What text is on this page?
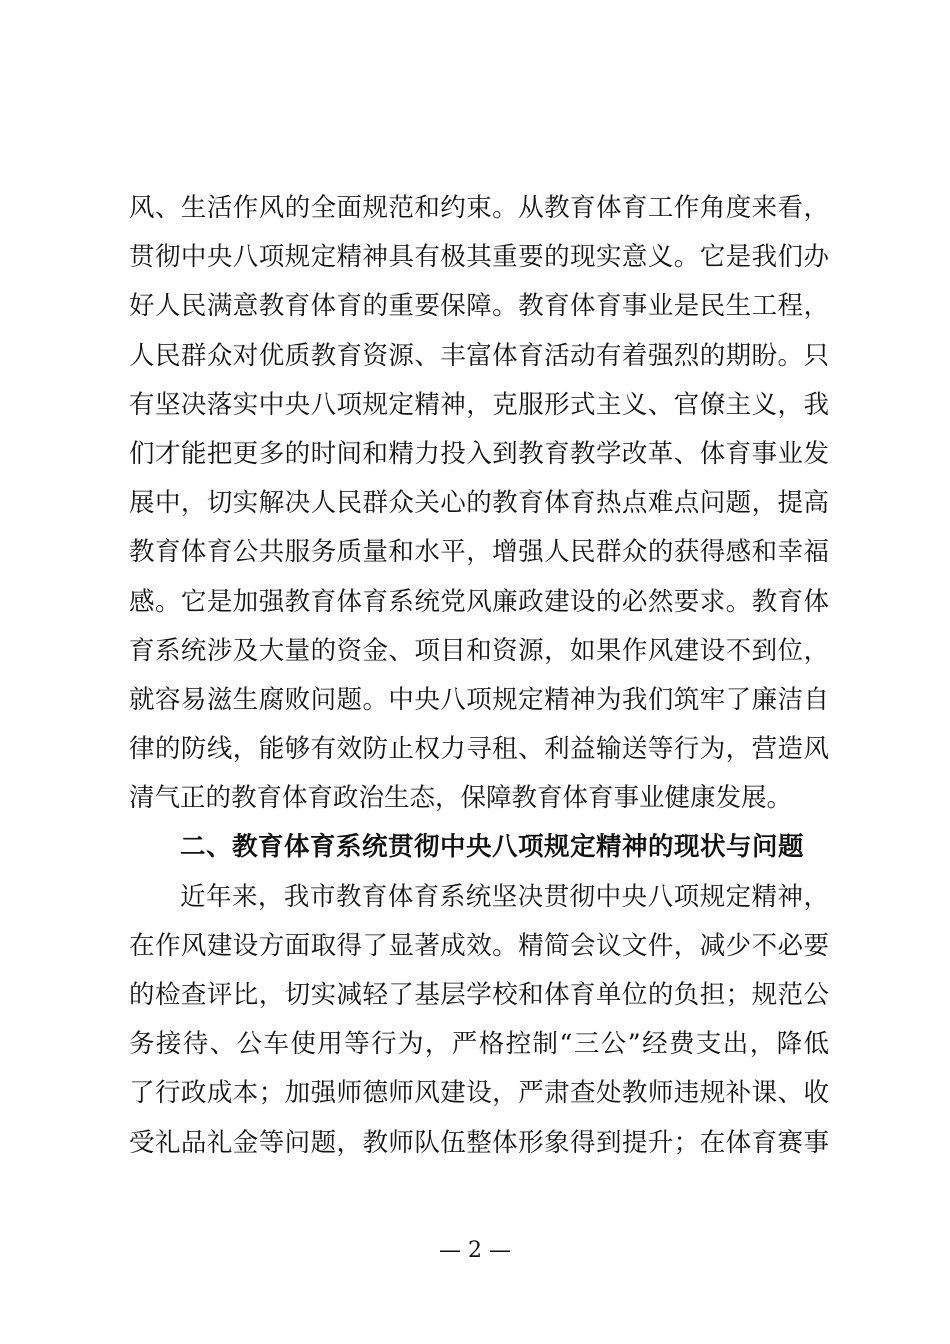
风、生活作风的全面规范和约束。从教育体育工作角度来看，
贯彻中央八项规定精神具有极其重要的现实意义。它是我们办
好人民满意教育体育的重要保障。教育体育事业是民生工程，
人民群众对优质教育资源、丰富体育活动有着强烈的期盼。只
有坚决落实中央八项规定精神，克服形式主义、官僚主义，我
们才能把更多的时间和精力投入到教育教学改革、体育事业发
展中，切实解决人民群众关心的教育体育热点难点问题，提高
教育体育公共服务质量和水平，增强人民群众的获得感和幸福
感。它是加强教育体育系统党风廉政建设的必然要求。教育体
育系统涉及大量的资金、项目和资源，如果作风建设不到位，
就容易滋生腐败问题。中央八项规定精神为我们筑牢了廉洁自
律的防线，能够有效防止权力寻租、利益输送等行为，营造风
清气正的教育体育政治生态，保障教育体育事业健康发展。
二、教育体育系统贯彻中央八项规定精神的现状与问题
近年来，我市教育体育系统坚决贯彻中央八项规定精神，
在作风建设方面取得了显著成效。精简会议文件，减少不必要
的检查评比，切实减轻了基层学校和体育单位的负担；规范公
务接待、公车使用等行为，严格控制“三公”经费支出，降低
了行政成本；加强师德师风建设，严肃查处教师违规补课、收
受礼品礼金等问题，教师队伍整体形象得到提升；在体育赛事
— 2 —
